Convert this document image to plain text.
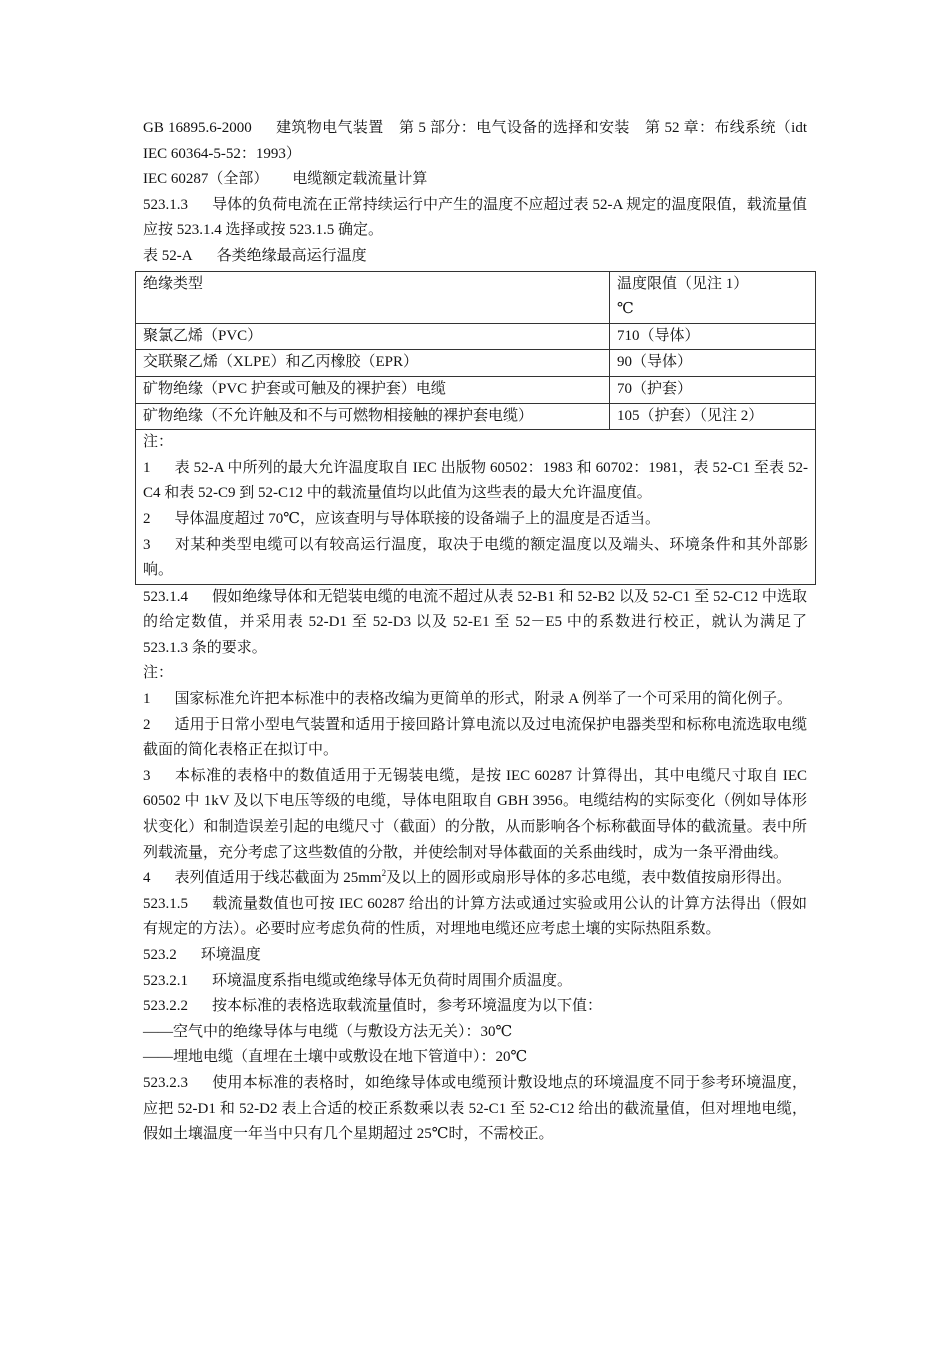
GB 16895.6-2000 建筑物电气装置　第 5 部分：电气设备的选择和安装　第 52 章：布线系统（idt IEC 60364-5-52：1993）

IEC 60287（全部） 电缆额定载流量计算

523.1.3 导体的负荷电流在正常持续运行中产生的温度不应超过表 52-A 规定的温度限值，载流量值应按 523.1.4 选择或按 523.1.5 确定。

表 52-A 各类绝缘最高运行温度

绝缘类型	温度限值（见注 1）
℃

聚氯乙烯（PVC）	710（导体）
交联聚乙烯（XLPE）和乙丙橡胶（EPR）	90（导体）
矿物绝缘（PVC 护套或可触及的裸护套）电缆	70（护套）
矿物绝缘（不允许触及和不与可燃物相接触的裸护套电缆）	105（护套）（见注 2）

注：

1 表 52-A 中所列的最大允许温度取自 IEC 出版物 60502：1983 和 60702：1981，表 52-C1 至表 52-C4 和表 52-C9 到 52-C12 中的载流量值均以此值为这些表的最大允许温度值。

2 导体温度超过 70℃，应该查明与导体联接的设备端子上的温度是否适当。

3 对某种类型电缆可以有较高运行温度，取决于电缆的额定温度以及端头、环境条件和其外部影响。	

523.1.4 假如绝缘导体和无铠装电缆的电流不超过从表 52-B1 和 52-B2 以及 52-C1 至 52-C12 中选取的给定数值，并采用表 52-D1 至 52-D3 以及 52-E1 至 52－E5 中的系数进行校正，就认为满足了 523.1.3 条的要求。

注：

1 国家标准允许把本标准中的表格改编为更简单的形式，附录 A 例举了一个可采用的简化例子。

2 适用于日常小型电气装置和适用于接回路计算电流以及过电流保护电器类型和标称电流选取电缆截面的简化表格正在拟订中。

3 本标准的表格中的数值适用于无锡装电缆，是按 IEC 60287 计算得出，其中电缆尺寸取自 IEC 60502 中 1kV 及以下电压等级的电缆，导体电阻取自 GBH 3956。电缆结构的实际变化（例如导体形状变化）和制造误差引起的电缆尺寸（截面）的分散，从而影响各个标称截面导体的截流量。表中所列载流量，充分考虑了这些数值的分散，并使绘制对导体截面的关系曲线时，成为一条平滑曲线。

4 表列值适用于线芯截面为 $25mm^2$及以上的圆形或扇形导体的多芯电缆，表中数值按扇形得出。

523.1.5 载流量数值也可按 IEC 60287 给出的计算方法或通过实验或用公认的计算方法得出（假如有规定的方法）。必要时应考虑负荷的性质，对埋地电缆还应考虑土壤的实际热阻系数。

523.2 环境温度

523.2.1 环境温度系指电缆或绝缘导体无负荷时周围介质温度。

523.2.2 按本标准的表格选取载流量值时，参考环境温度为以下值：

——空气中的绝缘导体与电缆（与敷设方法无关）：30℃

——埋地电缆（直埋在土壤中或敷设在地下管道中）：20℃

523.2.3 使用本标准的表格时，如绝缘导体或电缆预计敷设地点的环境温度不同于参考环境温度，应把 52-D1 和 52-D2 表上合适的校正系数乘以表 52-C1 至 52-C12 给出的截流量值，但对埋地电缆，假如土壤温度一年当中只有几个星期超过 25℃时，不需校正。
